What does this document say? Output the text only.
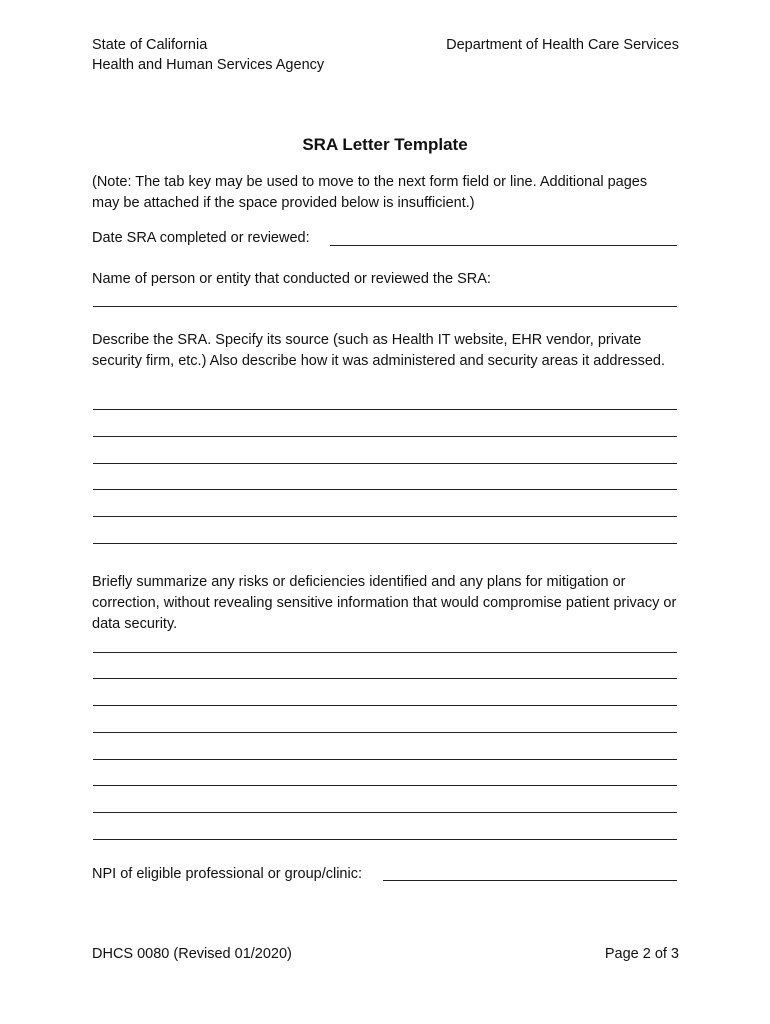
State of California
Health and Human Services Agency
Department of Health Care Services
SRA Letter Template
(Note: The tab key may be used to move to the next form field or line. Additional pages may be attached if the space provided below is insufficient.)
Date SRA completed or reviewed:
Name of person or entity that conducted or reviewed the SRA:
Describe the SRA. Specify its source (such as Health IT website, EHR vendor, private security firm, etc.) Also describe how it was administered and security areas it addressed.
Briefly summarize any risks or deficiencies identified and any plans for mitigation or correction, without revealing sensitive information that would compromise patient privacy or data security.
NPI of eligible professional or group/clinic:
DHCS 0080 (Revised 01/2020)	Page 2 of 3
